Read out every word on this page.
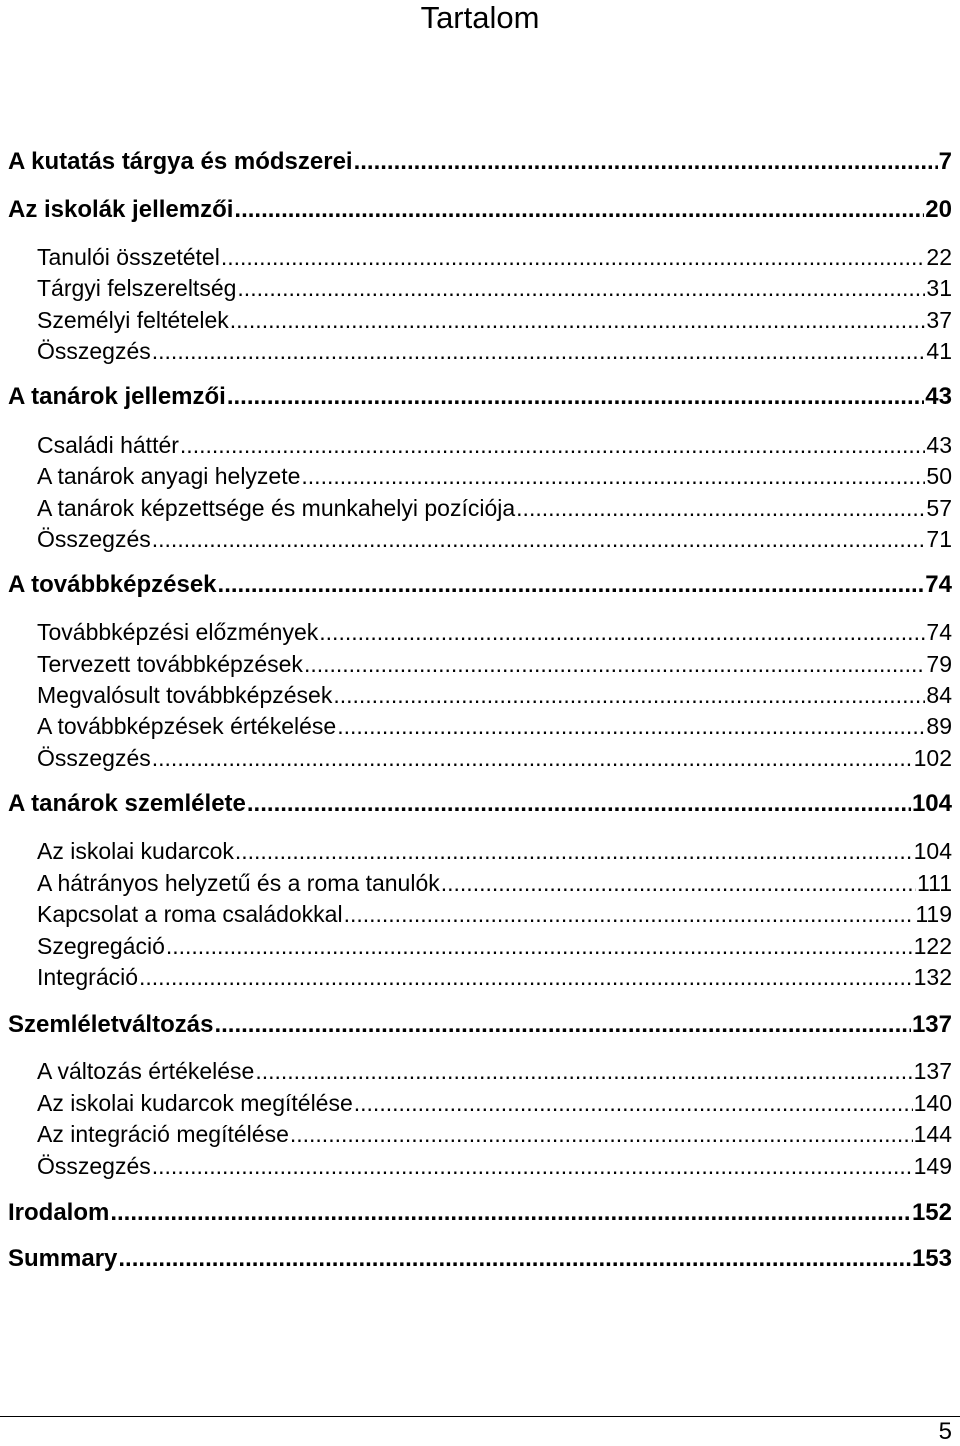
Tartalom
A kutatás tárgya és módszerei .....	7
Az iskolák jellemzői .....	20
Tanulói összetétel .....	22
Tárgyi felszereltség .....	31
Személyi feltételek .....	37
Összegzés .....	41
A tanárok jellemzői .....	43
Családi háttér .....	43
A tanárok anyagi helyzete .....	50
A tanárok képzettsége és munkahelyi pozíciója .....	57
Összegzés .....	71
A továbbképzések .....	74
Továbbképzési előzmények .....	74
Tervezett továbbképzések .....	79
Megvalósult továbbképzések .....	84
A továbbképzések értékelése .....	89
Összegzés .....	102
A tanárok szemlélete .....	104
Az iskolai kudarcok .....	104
A hátrányos helyzetű és a roma tanulók .....	111
Kapcsolat a roma családokkal .....	119
Szegregáció .....	122
Integráció .....	132
Szemléletváltozás .....	137
A változás értékelése .....	137
Az iskolai kudarcok megítélése .....	140
Az integráció megítélése .....	144
Összegzés .....	149
Irodalom .....	152
Summary .....	153
5
